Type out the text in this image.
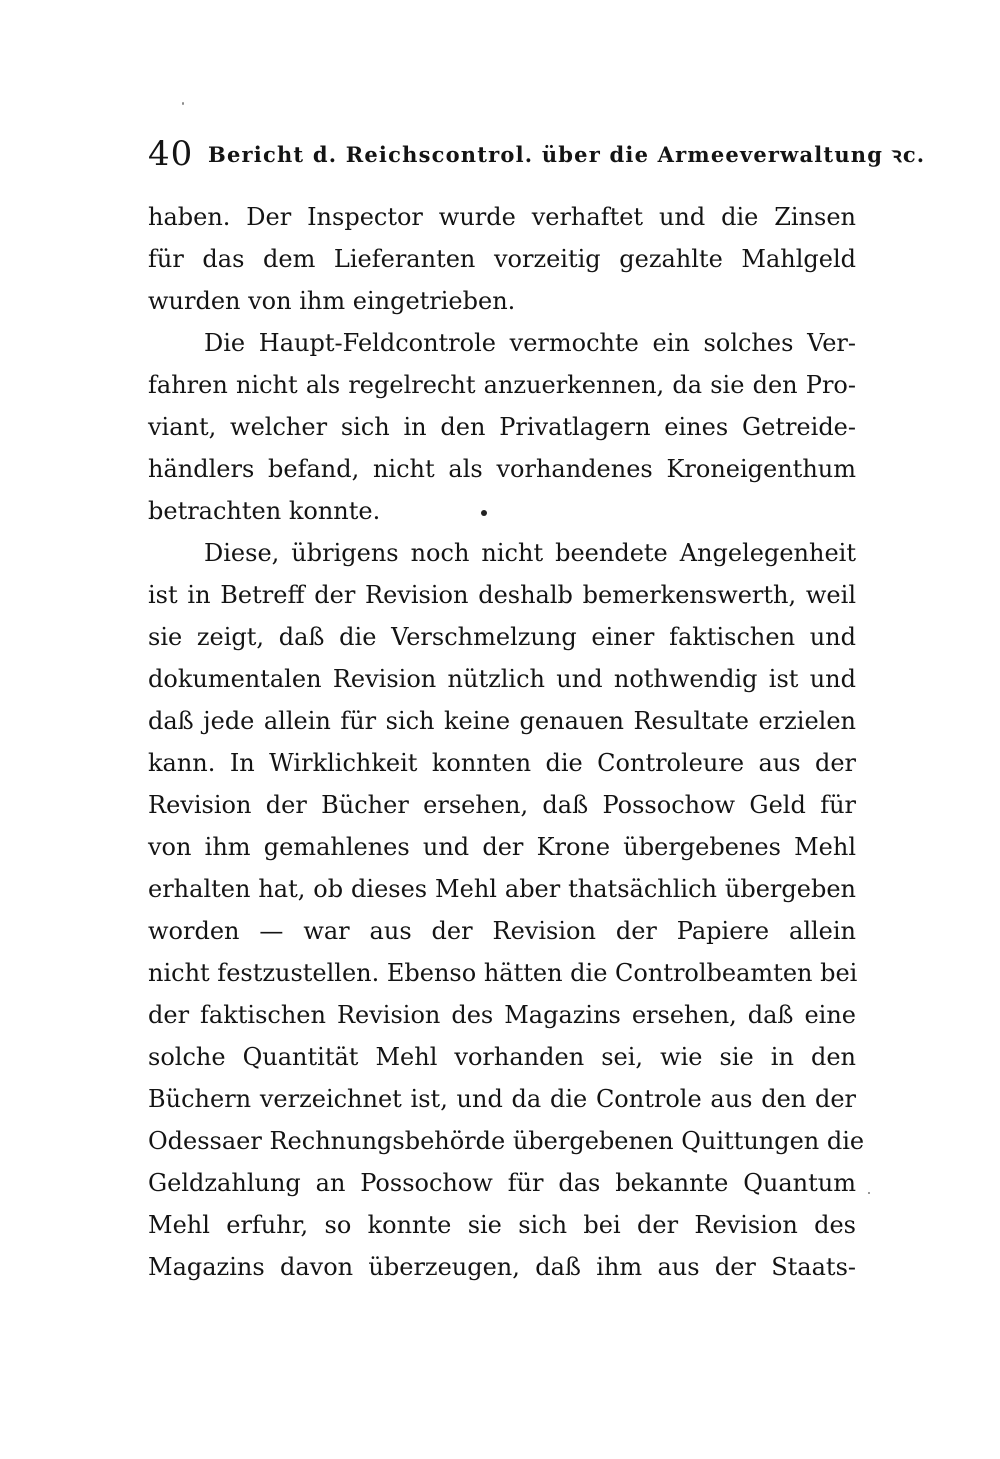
40 Bericht d. Reichscontrol. über die Armeeverwaltung ꝛc.
haben. Der Inspector wurde verhaftet und die Zinsen
für das dem Lieferanten vorzeitig gezahlte Mahlgeld
wurden von ihm eingetrieben.
Die Haupt-Feldcontrole vermochte ein solches Ver-
fahren nicht als regelrecht anzuerkennen, da sie den Pro-
viant, welcher sich in den Privatlagern eines Getreide-
händlers befand, nicht als vorhandenes Kroneigenthum
betrachten konnte.
Diese, übrigens noch nicht beendete Angelegenheit
ist in Betreff der Revision deshalb bemerkenswerth, weil
sie zeigt, daß die Verschmelzung einer faktischen und
dokumentalen Revision nützlich und nothwendig ist und
daß jede allein für sich keine genauen Resultate erzielen
kann. In Wirklichkeit konnten die Controleure aus der
Revision der Bücher ersehen, daß Possochow Geld für
von ihm gemahlenes und der Krone übergebenes Mehl
erhalten hat, ob dieses Mehl aber thatsächlich übergeben
worden — war aus der Revision der Papiere allein
nicht festzustellen. Ebenso hätten die Controlbeamten bei
der faktischen Revision des Magazins ersehen, daß eine
solche Quantität Mehl vorhanden sei, wie sie in den
Büchern verzeichnet ist, und da die Controle aus den der
Odessaer Rechnungsbehörde übergebenen Quittungen die
Geldzahlung an Possochow für das bekannte Quantum
Mehl erfuhr, so konnte sie sich bei der Revision des
Magazins davon überzeugen, daß ihm aus der Staats-
